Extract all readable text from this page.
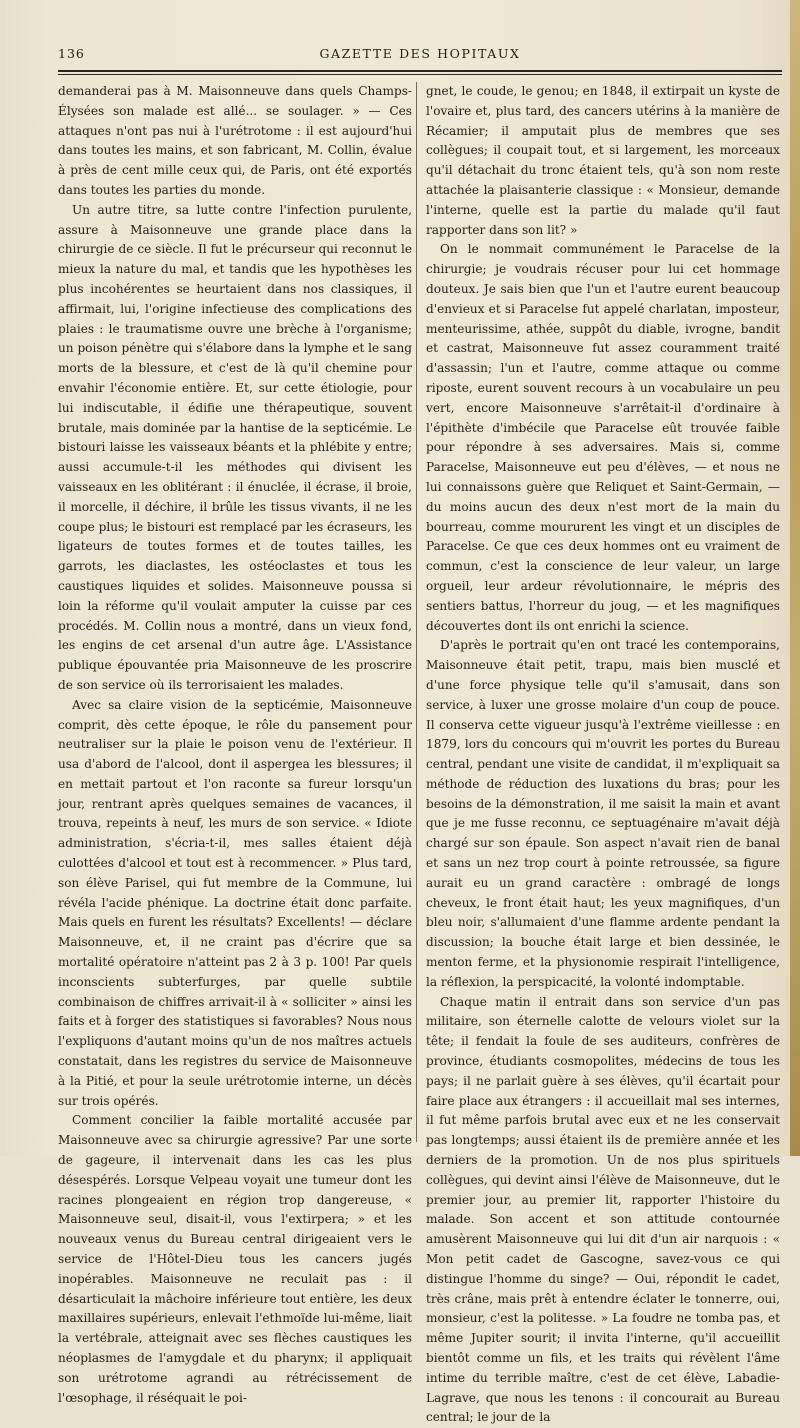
136	GAZETTE DES HOPITAUX

demanderai pas à M. Maisonneuve dans quels Champs-Élysées son malade est allé... se soulager. » — Ces attaques n'ont pas nui à l'urétrotome : il est aujourd'hui dans toutes les mains, et son fabricant, M. Collin, évalue à près de cent mille ceux qui, de Paris, ont été exportés dans toutes les parties du monde.

Un autre titre, sa lutte contre l'infection purulente, assure à Maisonneuve une grande place dans la chirurgie de ce siècle. Il fut le précurseur qui reconnut le mieux la nature du mal, et tandis que les hypothèses les plus incohérentes se heurtaient dans nos classiques, il affirmait, lui, l'origine infectieuse des complications des plaies : le traumatisme ouvre une brèche à l'organisme; un poison pénètre qui s'élabore dans la lymphe et le sang morts de la blessure, et c'est de là qu'il chemine pour envahir l'économie entière. Et, sur cette étiologie, pour lui indiscutable, il édifie une thérapeutique, souvent brutale, mais dominée par la hantise de la septicémie. Le bistouri laisse les vaisseaux béants et la phlébite y entre; aussi accumule-t-il les méthodes qui divisent les vaisseaux en les oblitérant : il énuclée, il écrase, il broie, il morcelle, il déchire, il brûle les tissus vivants, il ne les coupe plus; le bistouri est remplacé par les écraseurs, les ligateurs de toutes formes et de toutes tailles, les garrots, les diaclastes, les ostéoclastes et tous les caustiques liquides et solides. Maisonneuve poussa si loin la réforme qu'il voulait amputer la cuisse par ces procédés. M. Collin nous a montré, dans un vieux fond, les engins de cet arsenal d'un autre âge. L'Assistance publique épouvantée pria Maisonneuve de les proscrire de son service où ils terrorisaient les malades.

Avec sa claire vision de la septicémie, Maisonneuve comprit, dès cette époque, le rôle du pansement pour neutraliser sur la plaie le poison venu de l'extérieur. Il usa d'abord de l'alcool, dont il aspergea les blessures; il en mettait partout et l'on raconte sa fureur lorsqu'un jour, rentrant après quelques semaines de vacances, il trouva, repeints à neuf, les murs de son service. « Idiote administration, s'écria-t-il, mes salles étaient déjà culottées d'alcool et tout est à recommencer. » Plus tard, son élève Parisel, qui fut membre de la Commune, lui révéla l'acide phénique. La doctrine était donc parfaite. Mais quels en furent les résultats? Excellents! — déclare Maisonneuve, et, il ne craint pas d'écrire que sa mortalité opératoire n'atteint pas 2 à 3 p. 100! Par quels inconscients subterfurges, par quelle subtile combinaison de chiffres arrivait-il à « solliciter » ainsi les faits et à forger des statistiques si favorables? Nous nous l'expliquons d'autant moins qu'un de nos maîtres actuels constatait, dans les registres du service de Maisonneuve à la Pitié, et pour la seule urétrotomie interne, un décès sur trois opérés.

Comment concilier la faible mortalité accusée par Maisonneuve avec sa chirurgie agressive? Par une sorte de gageure, il intervenait dans les cas les plus désespérés. Lorsque Velpeau voyait une tumeur dont les racines plongeaient en région trop dangereuse, « Maisonneuve seul, disait-il, vous l'extirpera; » et les nouveaux venus du Bureau central dirigeaient vers le service de l'Hôtel-Dieu tous les cancers jugés inopérables. Maisonneuve ne reculait pas : il désarticulait la mâchoire inférieure tout entière, les deux maxillaires supérieurs, enlevait l'ethmoïde lui-même, liait la vertébrale, atteignait avec ses flèches caustiques les néoplasmes de l'amygdale et du pharynx; il appliquait son urétrotome agrandi au rétrécissement de l'œsophage, il réséquait le poi-

gnet, le coude, le genou; en 1848, il extirpait un kyste de l'ovaire et, plus tard, des cancers utérins à la manière de Récamier; il amputait plus de membres que ses collègues; il coupait tout, et si largement, les morceaux qu'il détachait du tronc étaient tels, qu'à son nom reste attachée la plaisanterie classique : « Monsieur, demande l'interne, quelle est la partie du malade qu'il faut rapporter dans son lit? »

On le nommait communément le Paracelse de la chirurgie; je voudrais récuser pour lui cet hommage douteux. Je sais bien que l'un et l'autre eurent beaucoup d'envieux et si Paracelse fut appelé charlatan, imposteur, menteurissime, athée, suppôt du diable, ivrogne, bandit et castrat, Maisonneuve fut assez couramment traité d'assassin; l'un et l'autre, comme attaque ou comme riposte, eurent souvent recours à un vocabulaire un peu vert, encore Maisonneuve s'arrêtait-il d'ordinaire à l'épithète d'imbécile que Paracelse eût trouvée faible pour répondre à ses adversaires. Mais si, comme Paracelse, Maisonneuve eut peu d'élèves, — et nous ne lui connaissons guère que Reliquet et Saint-Germain, — du moins aucun des deux n'est mort de la main du bourreau, comme moururent les vingt et un disciples de Paracelse. Ce que ces deux hommes ont eu vraiment de commun, c'est la conscience de leur valeur, un large orgueil, leur ardeur révolutionnaire, le mépris des sentiers battus, l'horreur du joug, — et les magnifiques découvertes dont ils ont enrichi la science.

D'après le portrait qu'en ont tracé les contemporains, Maisonneuve était petit, trapu, mais bien musclé et d'une force physique telle qu'il s'amusait, dans son service, à luxer une grosse molaire d'un coup de pouce. Il conserva cette vigueur jusqu'à l'extrême vieillesse : en 1879, lors du concours qui m'ouvrit les portes du Bureau central, pendant une visite de candidat, il m'expliquait sa méthode de réduction des luxations du bras; pour les besoins de la démonstration, il me saisit la main et avant que je me fusse reconnu, ce septuagénaire m'avait déjà chargé sur son épaule. Son aspect n'avait rien de banal et sans un nez trop court à pointe retroussée, sa figure aurait eu un grand caractère : ombragé de longs cheveux, le front était haut; les yeux magnifiques, d'un bleu noir, s'allumaient d'une flamme ardente pendant la discussion; la bouche était large et bien dessinée, le menton ferme, et la physionomie respirait l'intelligence, la réflexion, la perspicacité, la volonté indomptable.

Chaque matin il entrait dans son service d'un pas militaire, son éternelle calotte de velours violet sur la tête; il fendait la foule de ses auditeurs, confrères de province, étudiants cosmopolites, médecins de tous les pays; il ne parlait guère à ses élèves, qu'il écartait pour faire place aux étrangers : il accueillait mal ses internes, il fut même parfois brutal avec eux et ne les conservait pas longtemps; aussi étaient ils de première année et les derniers de la promotion. Un de nos plus spirituels collègues, qui devint ainsi l'élève de Maisonneuve, dut le premier jour, au premier lit, rapporter l'histoire du malade. Son accent et son attitude contournée amusèrent Maisonneuve qui lui dit d'un air narquois : « Mon petit cadet de Gascogne, savez-vous ce qui distingue l'homme du singe? — Oui, répondit le cadet, très crâne, mais prêt à entendre éclater le tonnerre, oui, monsieur, c'est la politesse. » La foudre ne tomba pas, et même Jupiter sourit; il invita l'interne, qu'il accueillit bientôt comme un fils, et les traits qui révèlent l'âme intime du terrible maître, c'est de cet élève, Labadie-Lagrave, que nous les tenons : il concourait au Bureau central; le jour de la
